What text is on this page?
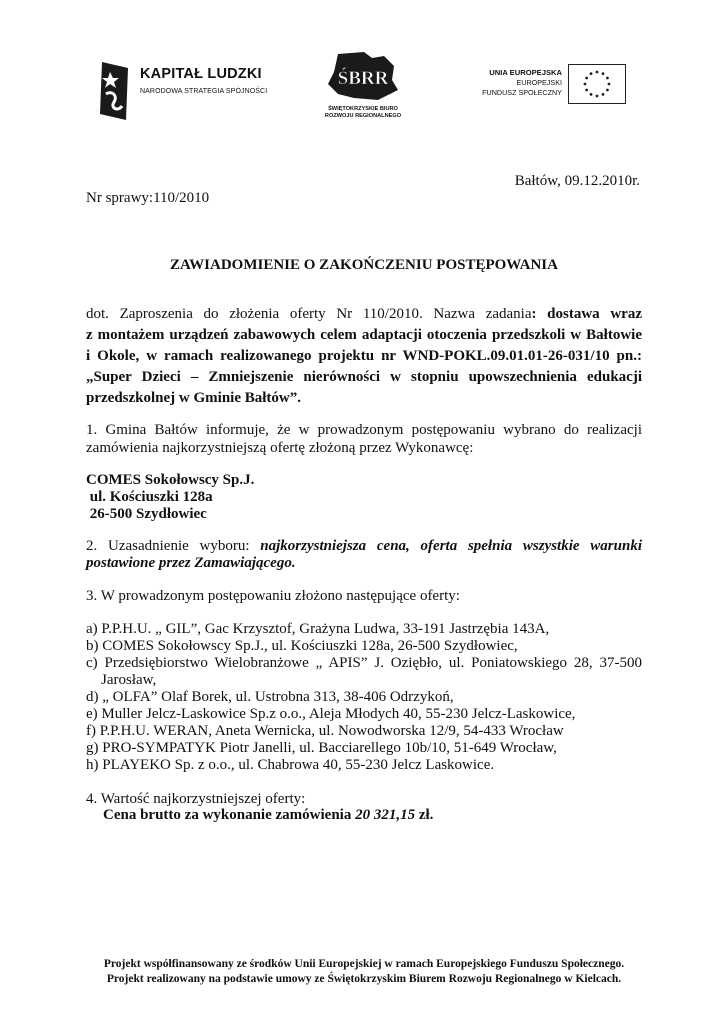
KAPITAŁ LUDZKI
NARODOWA STRATEGIA SPÓJNOŚCI
ŚBRR
ŚWIĘTOKRZYSKIE BIURO
ROZWOJU REGIONALNEGO
UNIA EUROPEJSKA
EUROPEJSKI
FUNDUSZ SPOŁECZNY
Bałtów, 09.12.2010r.
Nr sprawy:110/2010
ZAWIADOMIENIE O ZAKOŃCZENIU POSTĘPOWANIA
dot. Zaproszenia do złożenia oferty Nr 110/2010. Nazwa zadania: dostawa wraz
z montażem urządzeń zabawowych celem adaptacji otoczenia przedszkoli w Bałtowie
i Okole, w ramach realizowanego projektu nr WND-POKL.09.01.01-26-031/10 pn.:
„Super Dzieci – Zmniejszenie nierówności w stopniu upowszechnienia edukacji
przedszkolnej w Gminie Bałtów”.
1. Gmina Bałtów informuje, że w prowadzonym postępowaniu wybrano do realizacji
zamówienia najkorzystniejszą ofertę złożoną przez Wykonawcę:
COMES Sokołowscy Sp.J.
ul. Kościuszki 128a
26-500 Szydłowiec
2. Uzasadnienie wyboru: najkorzystniejsza cena, oferta spełnia wszystkie warunki
postawione przez Zamawiającego.
3. W prowadzonym postępowaniu złożono następujące oferty:
a) P.P.H.U. „ GIL”, Gac Krzysztof, Grażyna Ludwa, 33-191 Jastrzębia 143A,
b) COMES Sokołowscy Sp.J., ul. Kościuszki 128a, 26-500 Szydłowiec,
c) Przedsiębiorstwo Wielobranżowe „ APIS” J. Oziębło, ul. Poniatowskiego 28, 37-500
Jarosław,
d) „ OLFA” Olaf Borek, ul. Ustrobna 313, 38-406 Odrzykoń,
e) Muller Jelcz-Laskowice Sp.z o.o., Aleja Młodych 40, 55-230 Jelcz-Laskowice,
f) P.P.H.U. WERAN, Aneta Wernicka, ul. Nowodworska 12/9, 54-433 Wrocław
g) PRO-SYMPATYK Piotr Janelli, ul. Bacciarellego 10b/10, 51-649 Wrocław,
h) PLAYEKO Sp. z o.o., ul. Chabrowa 40, 55-230 Jelcz Laskowice.
4. Wartość najkorzystniejszej oferty:
Cena brutto za wykonanie zamówienia 20 321,15 zł.
Projekt współfinansowany ze środków Unii Europejskiej w ramach Europejskiego Funduszu Społecznego.
Projekt realizowany na podstawie umowy ze Świętokrzyskim Biurem Rozwoju Regionalnego w Kielcach.
